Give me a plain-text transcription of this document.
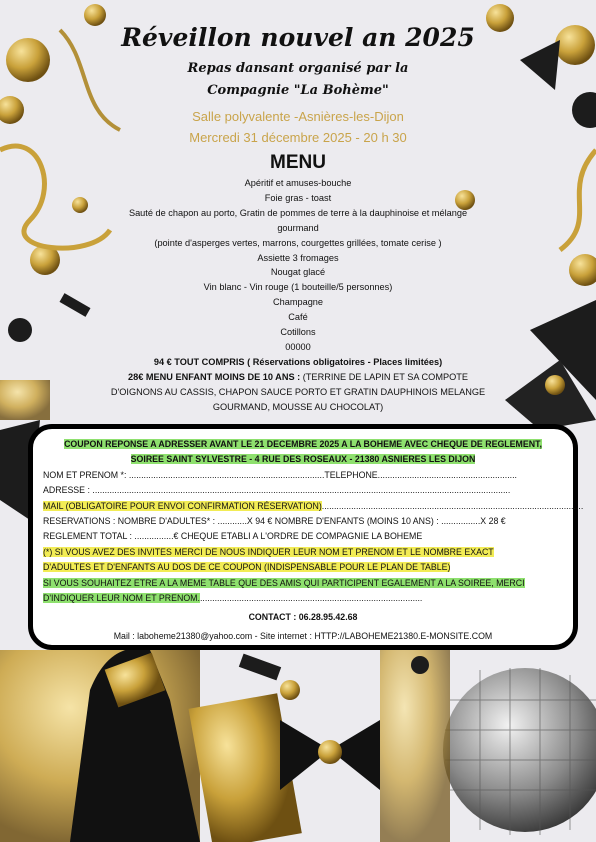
Réveillon nouvel an 2025
Repas dansant organisé par la
Compagnie "La Bohème"
Salle polyvalente -Asnières-les-Dijon
Mercredi 31 décembre 2025 - 20 h 30
MENU
Apéritif et amuses-bouche
Foie gras - toast
Sauté de chapon au porto, Gratin de pommes de terre à la dauphinoise et mélange
gourmand
(pointe d'asperges vertes, marrons, courgettes grillées, tomate cerise )
Assiette 3 fromages
Nougat glacé
Vin blanc - Vin rouge (1 bouteille/5 personnes)
Champagne
Café
Cotillons
00000
94 € TOUT COMPRIS ( Réservations obligatoires - Places limitées)
28€ MENU ENFANT MOINS DE 10 ANS : (TERRINE DE LAPIN ET SA COMPOTE
D'OIGNONS AU CASSIS, CHAPON SAUCE PORTO ET GRATIN DAUPHINOIS MELANGE
GOURMAND, MOUSSE AU CHOCOLAT)
COUPON REPONSE A ADRESSER AVANT LE 21 DECEMBRE 2025 A LA BOHEME AVEC CHEQUE DE REGLEMENT,
SOIREE SAINT SYLVESTRE - 4 RUE DES ROSEAUX - 21380 ASNIERES LES DIJON
NOM ET PRENOM *: ................................................................................TELEPHONE.........................................................
ADRESSE : ...........................................................................................................................................................................
MAIL (OBLIGATOIRE POUR ENVOI CONFIRMATION RÉSERVATION)...........................................................................................................
RESERVATIONS : NOMBRE D'ADULTES* : ............X 94 € NOMBRE D'ENFANTS (MOINS 10 ANS) : ................X 28 €
REGLEMENT TOTAL : ................€ CHEQUE ETABLI A L'ORDRE DE COMPAGNIE LA BOHEME
(*) SI VOUS AVEZ DES INVITES MERCI DE NOUS INDIQUER LEUR NOM ET PRENOM ET LE NOMBRE EXACT
D'ADULTES ET D'ENFANTS AU DOS DE CE COUPON (INDISPENSABLE POUR LE PLAN DE TABLE)
SI VOUS SOUHAITEZ ETRE A LA MEME TABLE QUE DES AMIS QUI PARTICIPENT EGALEMENT A LA SOIREE, MERCI
D'INDIQUER LEUR NOM ET PRENOM............................................................................................
CONTACT : 06.28.95.42.68
Mail : laboheme21380@yahoo.com - Site internet : HTTP://LABOHEME21380.E-MONSITE.COM
